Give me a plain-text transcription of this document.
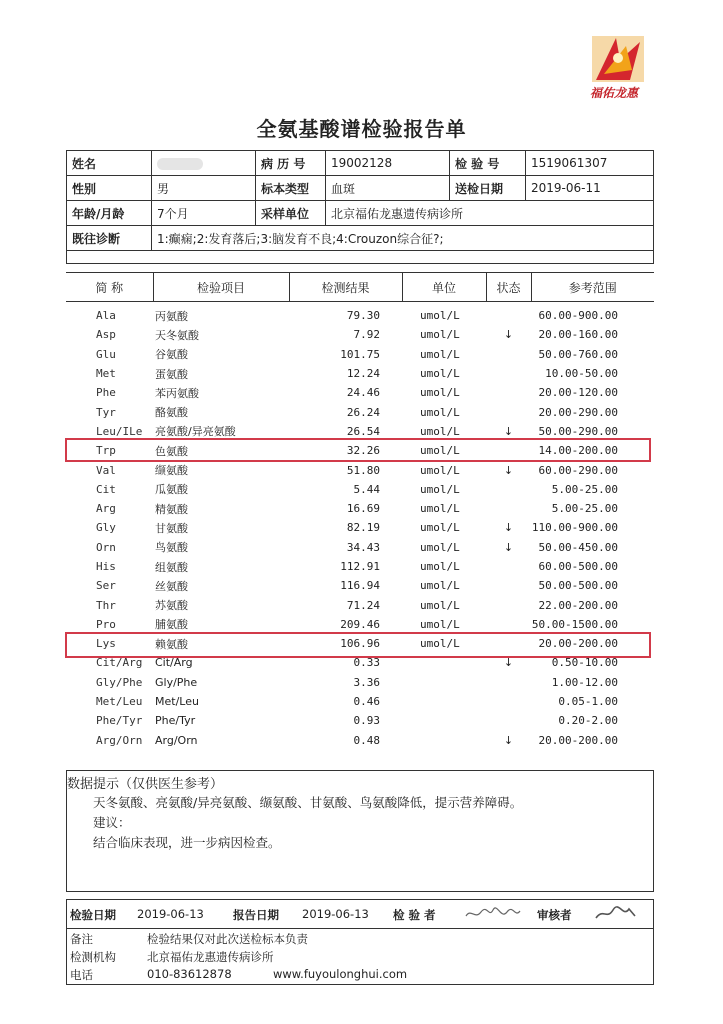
福佑龙惠
全氨基酸谱检验报告单
姓名		病 历 号	19002128	检 验 号	1519061307
性别	男	标本类型	血斑	送检日期	2019-06-11
年龄/月龄	7个月	采样单位	北京福佑龙惠遗传病诊所		
既往诊断	1:癫痫;2:发育落后;3:脑发育不良;4:Crouzon综合征?;				

简 称	检验项目	检测结果	单位	状态	参考范围
Ala	丙氨酸	79.30	umol/L		60.00-900.00
Asp	天冬氨酸	7.92	umol/L	↓	20.00-160.00
Glu	谷氨酸	101.75	umol/L		50.00-760.00
Met	蛋氨酸	12.24	umol/L		10.00-50.00
Phe	苯丙氨酸	24.46	umol/L		20.00-120.00
Tyr	酪氨酸	26.24	umol/L		20.00-290.00
Leu/ILe	亮氨酸/异亮氨酸	26.54	umol/L	↓	50.00-290.00
Trp	色氨酸	32.26	umol/L		14.00-200.00
Val	缬氨酸	51.80	umol/L	↓	60.00-290.00
Cit	瓜氨酸	5.44	umol/L		5.00-25.00
Arg	精氨酸	16.69	umol/L		5.00-25.00
Gly	甘氨酸	82.19	umol/L	↓	110.00-900.00
Orn	鸟氨酸	34.43	umol/L	↓	50.00-450.00
His	组氨酸	112.91	umol/L		60.00-500.00
Ser	丝氨酸	116.94	umol/L		50.00-500.00
Thr	苏氨酸	71.24	umol/L		22.00-200.00
Pro	脯氨酸	209.46	umol/L		50.00-1500.00
Lys	赖氨酸	106.96	umol/L		20.00-200.00
Cit/Arg	Cit/Arg	0.33		↓	0.50-10.00
Gly/Phe	Gly/Phe	3.36			1.00-12.00
Met/Leu	Met/Leu	0.46			0.05-1.00
Phe/Tyr	Phe/Tyr	0.93			0.20-2.00
Arg/Orn	Arg/Orn	0.48		↓	20.00-200.00
数据提示（仅供医生参考）
天冬氨酸、亮氨酸/异亮氨酸、缬氨酸、甘氨酸、鸟氨酸降低，提示营养障碍。
建议：
结合临床表现，进一步病因检查。
检验日期 2019-06-13	报告日期 2019-06-13 检 验 者	审核者
备注	检验结果仅对此次送检标本负责
检测机构	北京福佑龙惠遗传病诊所
电话	010-83612878	www.fuyoulonghui.com
